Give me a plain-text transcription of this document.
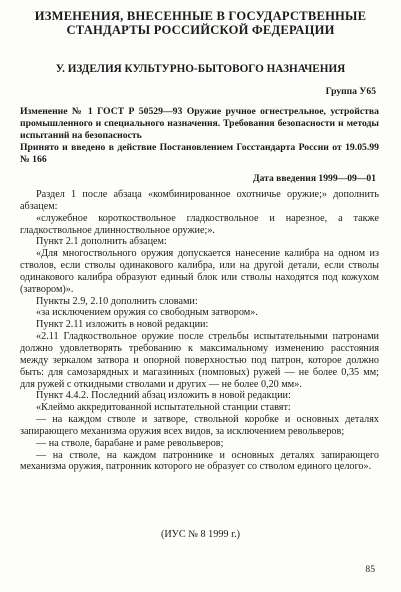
ИЗМЕНЕНИЯ, ВНЕСЕННЫЕ В ГОСУДАРСТВЕННЫЕ
СТАНДАРТЫ РОССИЙСКОЙ ФЕДЕРАЦИИ
У. ИЗДЕЛИЯ КУЛЬТУРНО-БЫТОВОГО НАЗНАЧЕНИЯ
Группа У65

Изменение № 1 ГОСТ Р 50529—93 Оружие ручное огнестрельное, устройства промышленного и специального назначения. Требования безопасности и методы испытаний на безопасность

Принято и введено в действие Постановлением Госстандарта России от 19.05.99 № 166

Дата введения 1999—09—01

Раздел 1 после абзаца «комбинированное охотничье оружие;» дополнить абзацем:

«служебное короткоствольное гладкоствольное и нарезное, а также гладкоствольное длинноствольное оружие;».

Пункт 2.1 дополнить абзацем:

«Для многоствольного оружия допускается нанесение калибра на одном из стволов, если стволы одинакового калибра, или на другой детали, если стволы одинакового калибра образуют единый блок или стволы находятся под кожухом (затвором)».

Пункты 2.9, 2.10 дополнить словами:

«за исключением оружия со свободным затвором».

Пункт 2.11 изложить в новой редакции:

«2.11 Гладкоствольное оружие после стрельбы испытательными патронами должно удовлетворять требованию к максимальному изменению расстояния между зеркалом затвора и опорной поверхностью под патрон, которое должно быть: для самозарядных и магазинных (помповых) ружей — не более 0,35 мм; для ружей с откидными стволами и других — не более 0,20 мм».

Пункт 4.4.2. Последний абзац изложить в новой редакции:

«Клеймо аккредитованной испытательной станции ставят:

— на каждом стволе и затворе, ствольной коробке и основных деталях запирающего механизма оружия всех видов, за исключением револьверов;

— на стволе, барабане и раме револьверов;

— на стволе, на каждом патроннике и основных деталях запирающего механизма оружия, патронник которого не образует со стволом единого целого».

(ИУС № 8 1999 г.)
85
